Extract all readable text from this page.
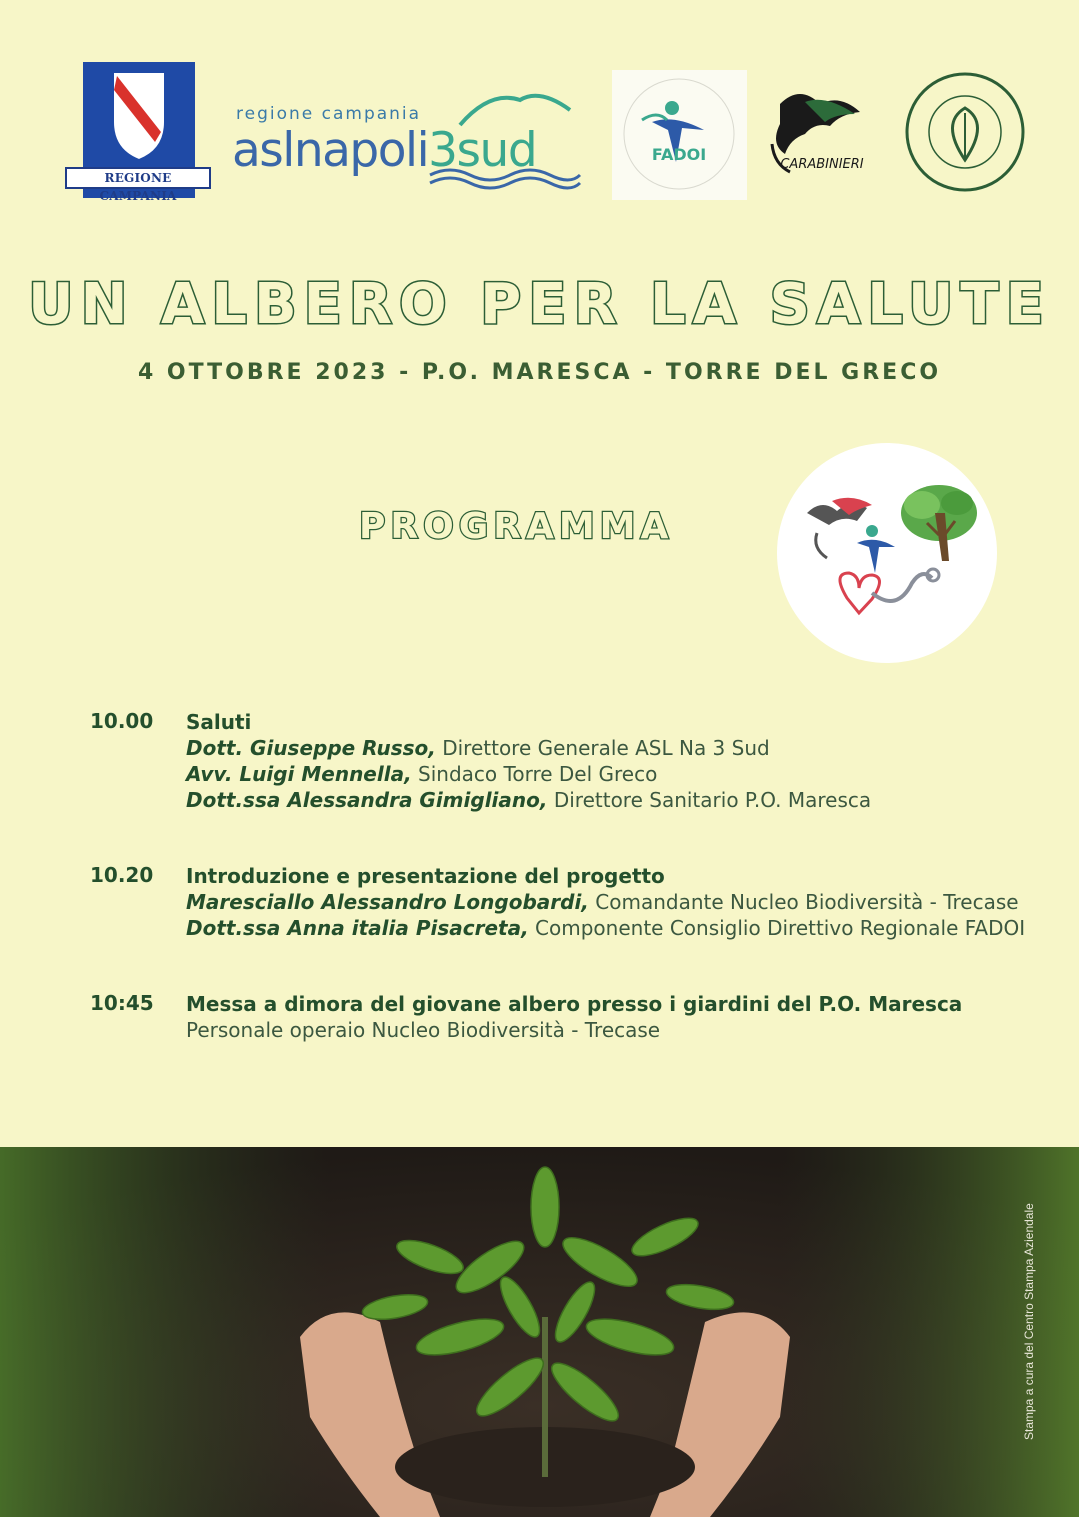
REGIONE CAMPANIA
regione campania
aslnapoli3sud	FADOI
CARABINIERI
UN ALBERO PER LA SALUTE
4 OTTOBRE 2023 - P.O. MARESCA - TORRE DEL GRECO
PROGRAMMA
10.00 Saluti
Dott. Giuseppe Russo, Direttore Generale ASL Na 3 Sud
Avv. Luigi Mennella, Sindaco Torre Del Greco
Dott.ssa Alessandra Gimigliano, Direttore Sanitario P.O. Maresca
10.20 Introduzione e presentazione del progetto
Maresciallo Alessandro Longobardi, Comandante Nucleo Biodiversità - Trecase
Dott.ssa Anna italia Pisacreta, Componente Consiglio Direttivo Regionale FADOI
10:45 Messa a dimora del giovane albero presso i giardini del P.O. Maresca
Personale operaio Nucleo Biodiversità - Trecase
Stampa a cura del Centro Stampa Aziendale
